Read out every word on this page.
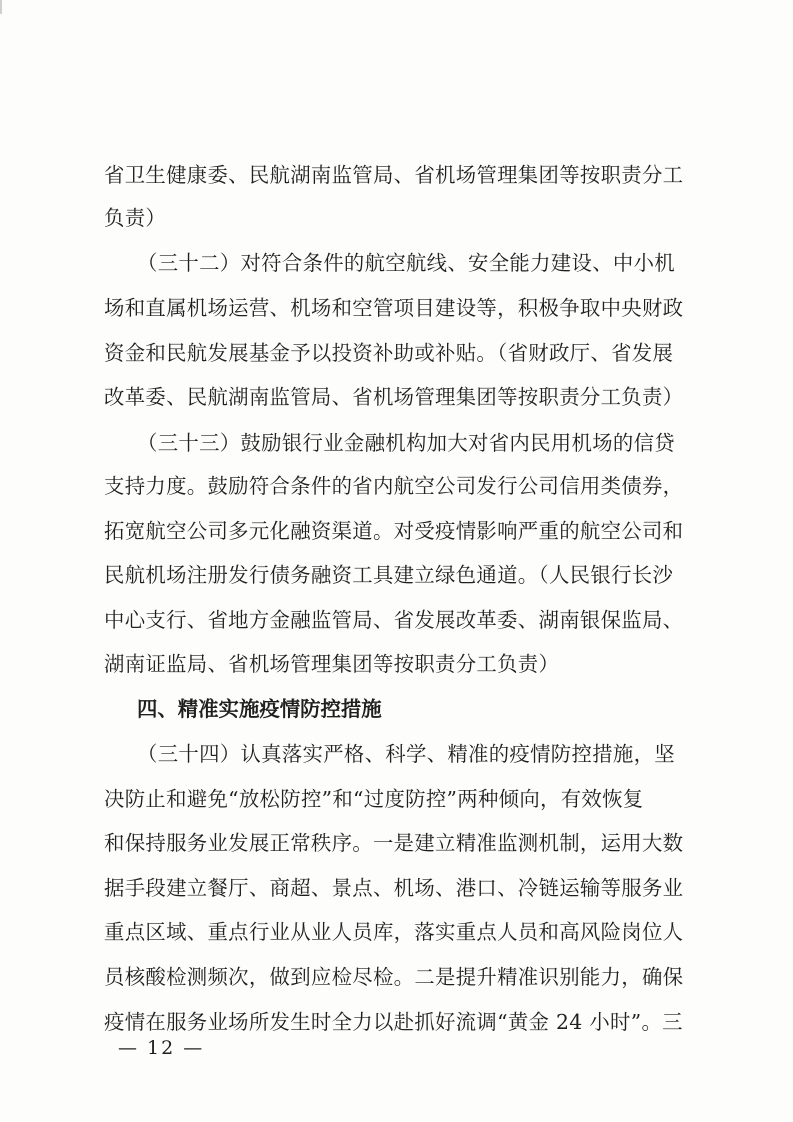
省卫生健康委、民航湖南监管局、省机场管理集团等按职责分工
负责）
（三十二）对符合条件的航空航线、安全能力建设、中小机
场和直属机场运营、机场和空管项目建设等，积极争取中央财政
资金和民航发展基金予以投资补助或补贴。（省财政厅、省发展
改革委、民航湖南监管局、省机场管理集团等按职责分工负责）
（三十三）鼓励银行业金融机构加大对省内民用机场的信贷
支持力度。鼓励符合条件的省内航空公司发行公司信用类债券，
拓宽航空公司多元化融资渠道。对受疫情影响严重的航空公司和
民航机场注册发行债务融资工具建立绿色通道。（人民银行长沙
中心支行、省地方金融监管局、省发展改革委、湖南银保监局、
湖南证监局、省机场管理集团等按职责分工负责）
四、精准实施疫情防控措施
（三十四）认真落实严格、科学、精准的疫情防控措施，坚
决防止和避免“放松防控”和“过度防控”两种倾向，有效恢复
和保持服务业发展正常秩序。一是建立精准监测机制，运用大数
据手段建立餐厅、商超、景点、机场、港口、冷链运输等服务业
重点区域、重点行业从业人员库，落实重点人员和高风险岗位人
员核酸检测频次，做到应检尽检。二是提升精准识别能力，确保
疫情在服务业场所发生时全力以赴抓好流调“黄金 24 小时”。三
— 12 —
